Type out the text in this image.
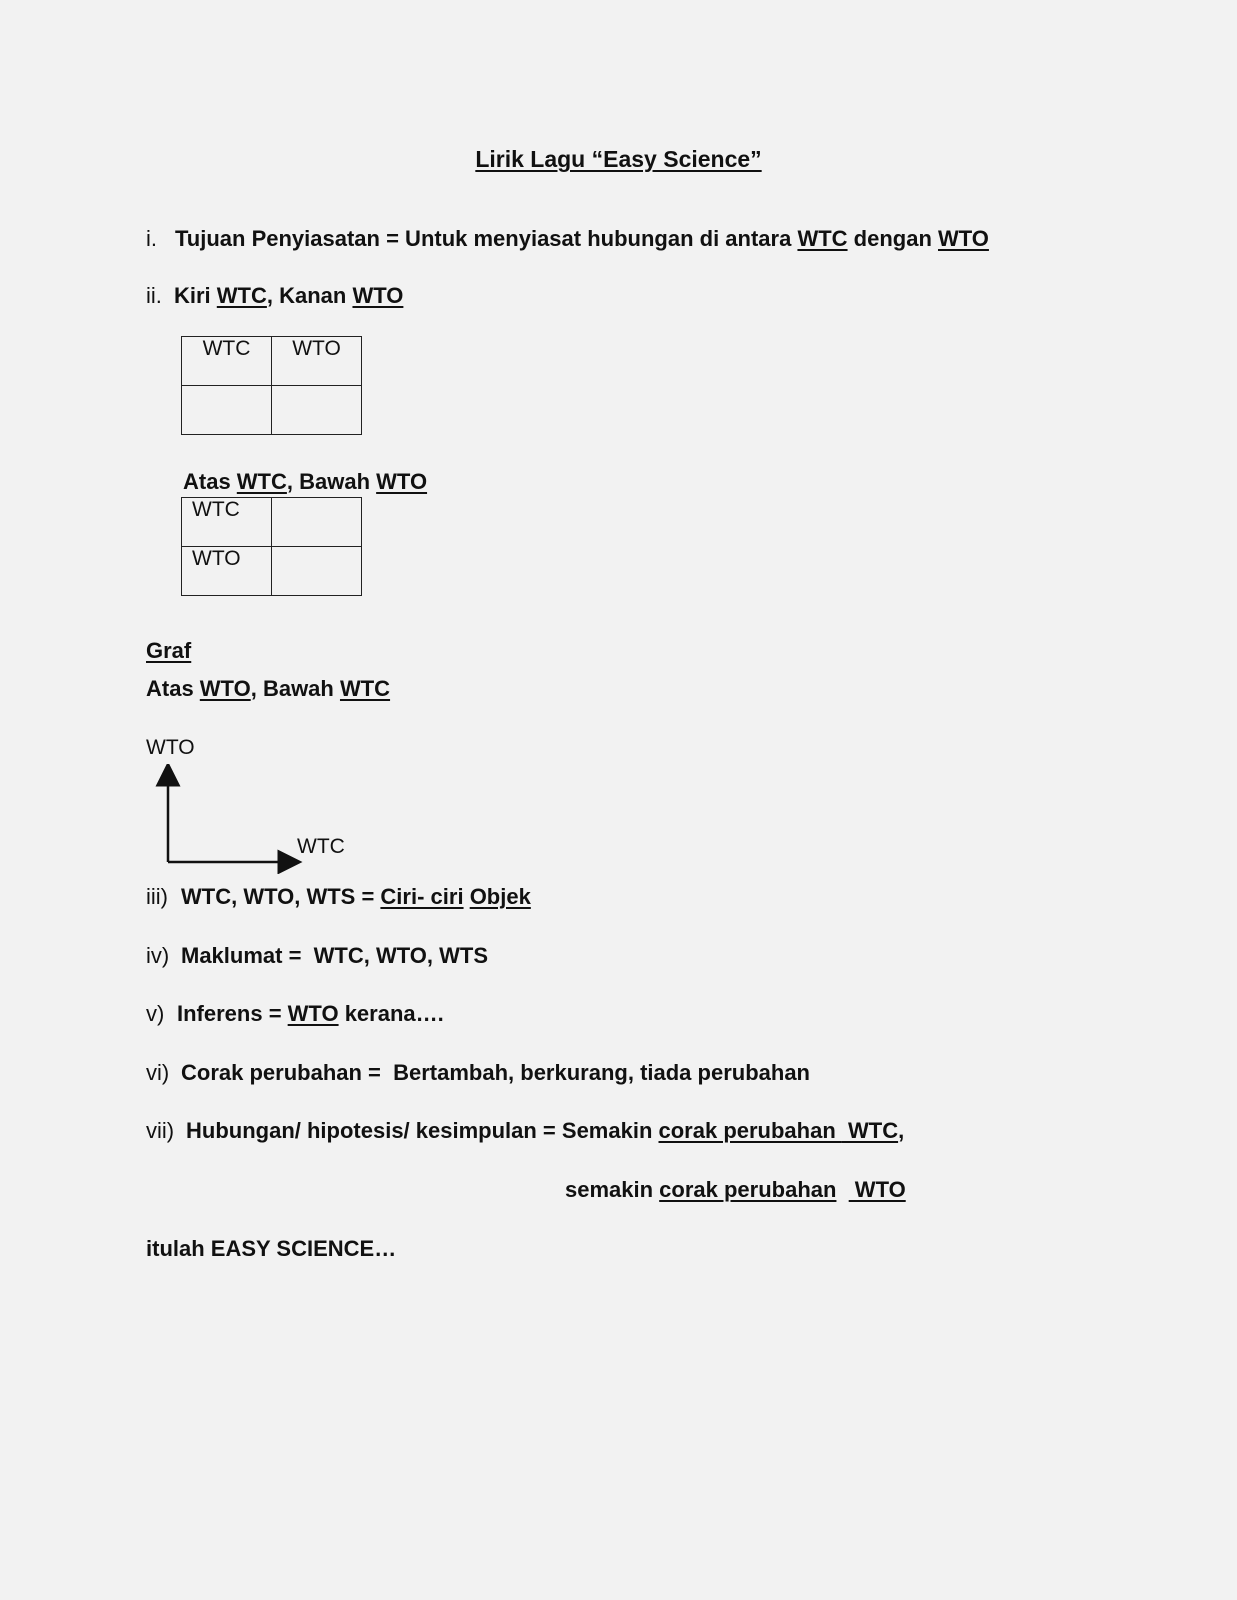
Lirik Lagu “Easy Science”
i. Tujuan Penyiasatan = Untuk menyiasat hubungan di antara WTC dengan WTO
ii. Kiri WTC, Kanan WTO
WTC	WTO

Atas WTC, Bawah WTO
WTC	
WTO	
Graf
Atas WTO, Bawah WTC
WTO
WTC
iii) WTC, WTO, WTS = Ciri- ciri Objek
iv) Maklumat =  WTC, WTO, WTS
v) Inferens = WTO kerana….
vi) Corak perubahan =  Bertambah, berkurang, tiada perubahan
vii) Hubungan/ hipotesis/ kesimpulan = Semakin corak perubahan  WTC,
semakin corak perubahan   WTO
itulah EASY SCIENCE…
